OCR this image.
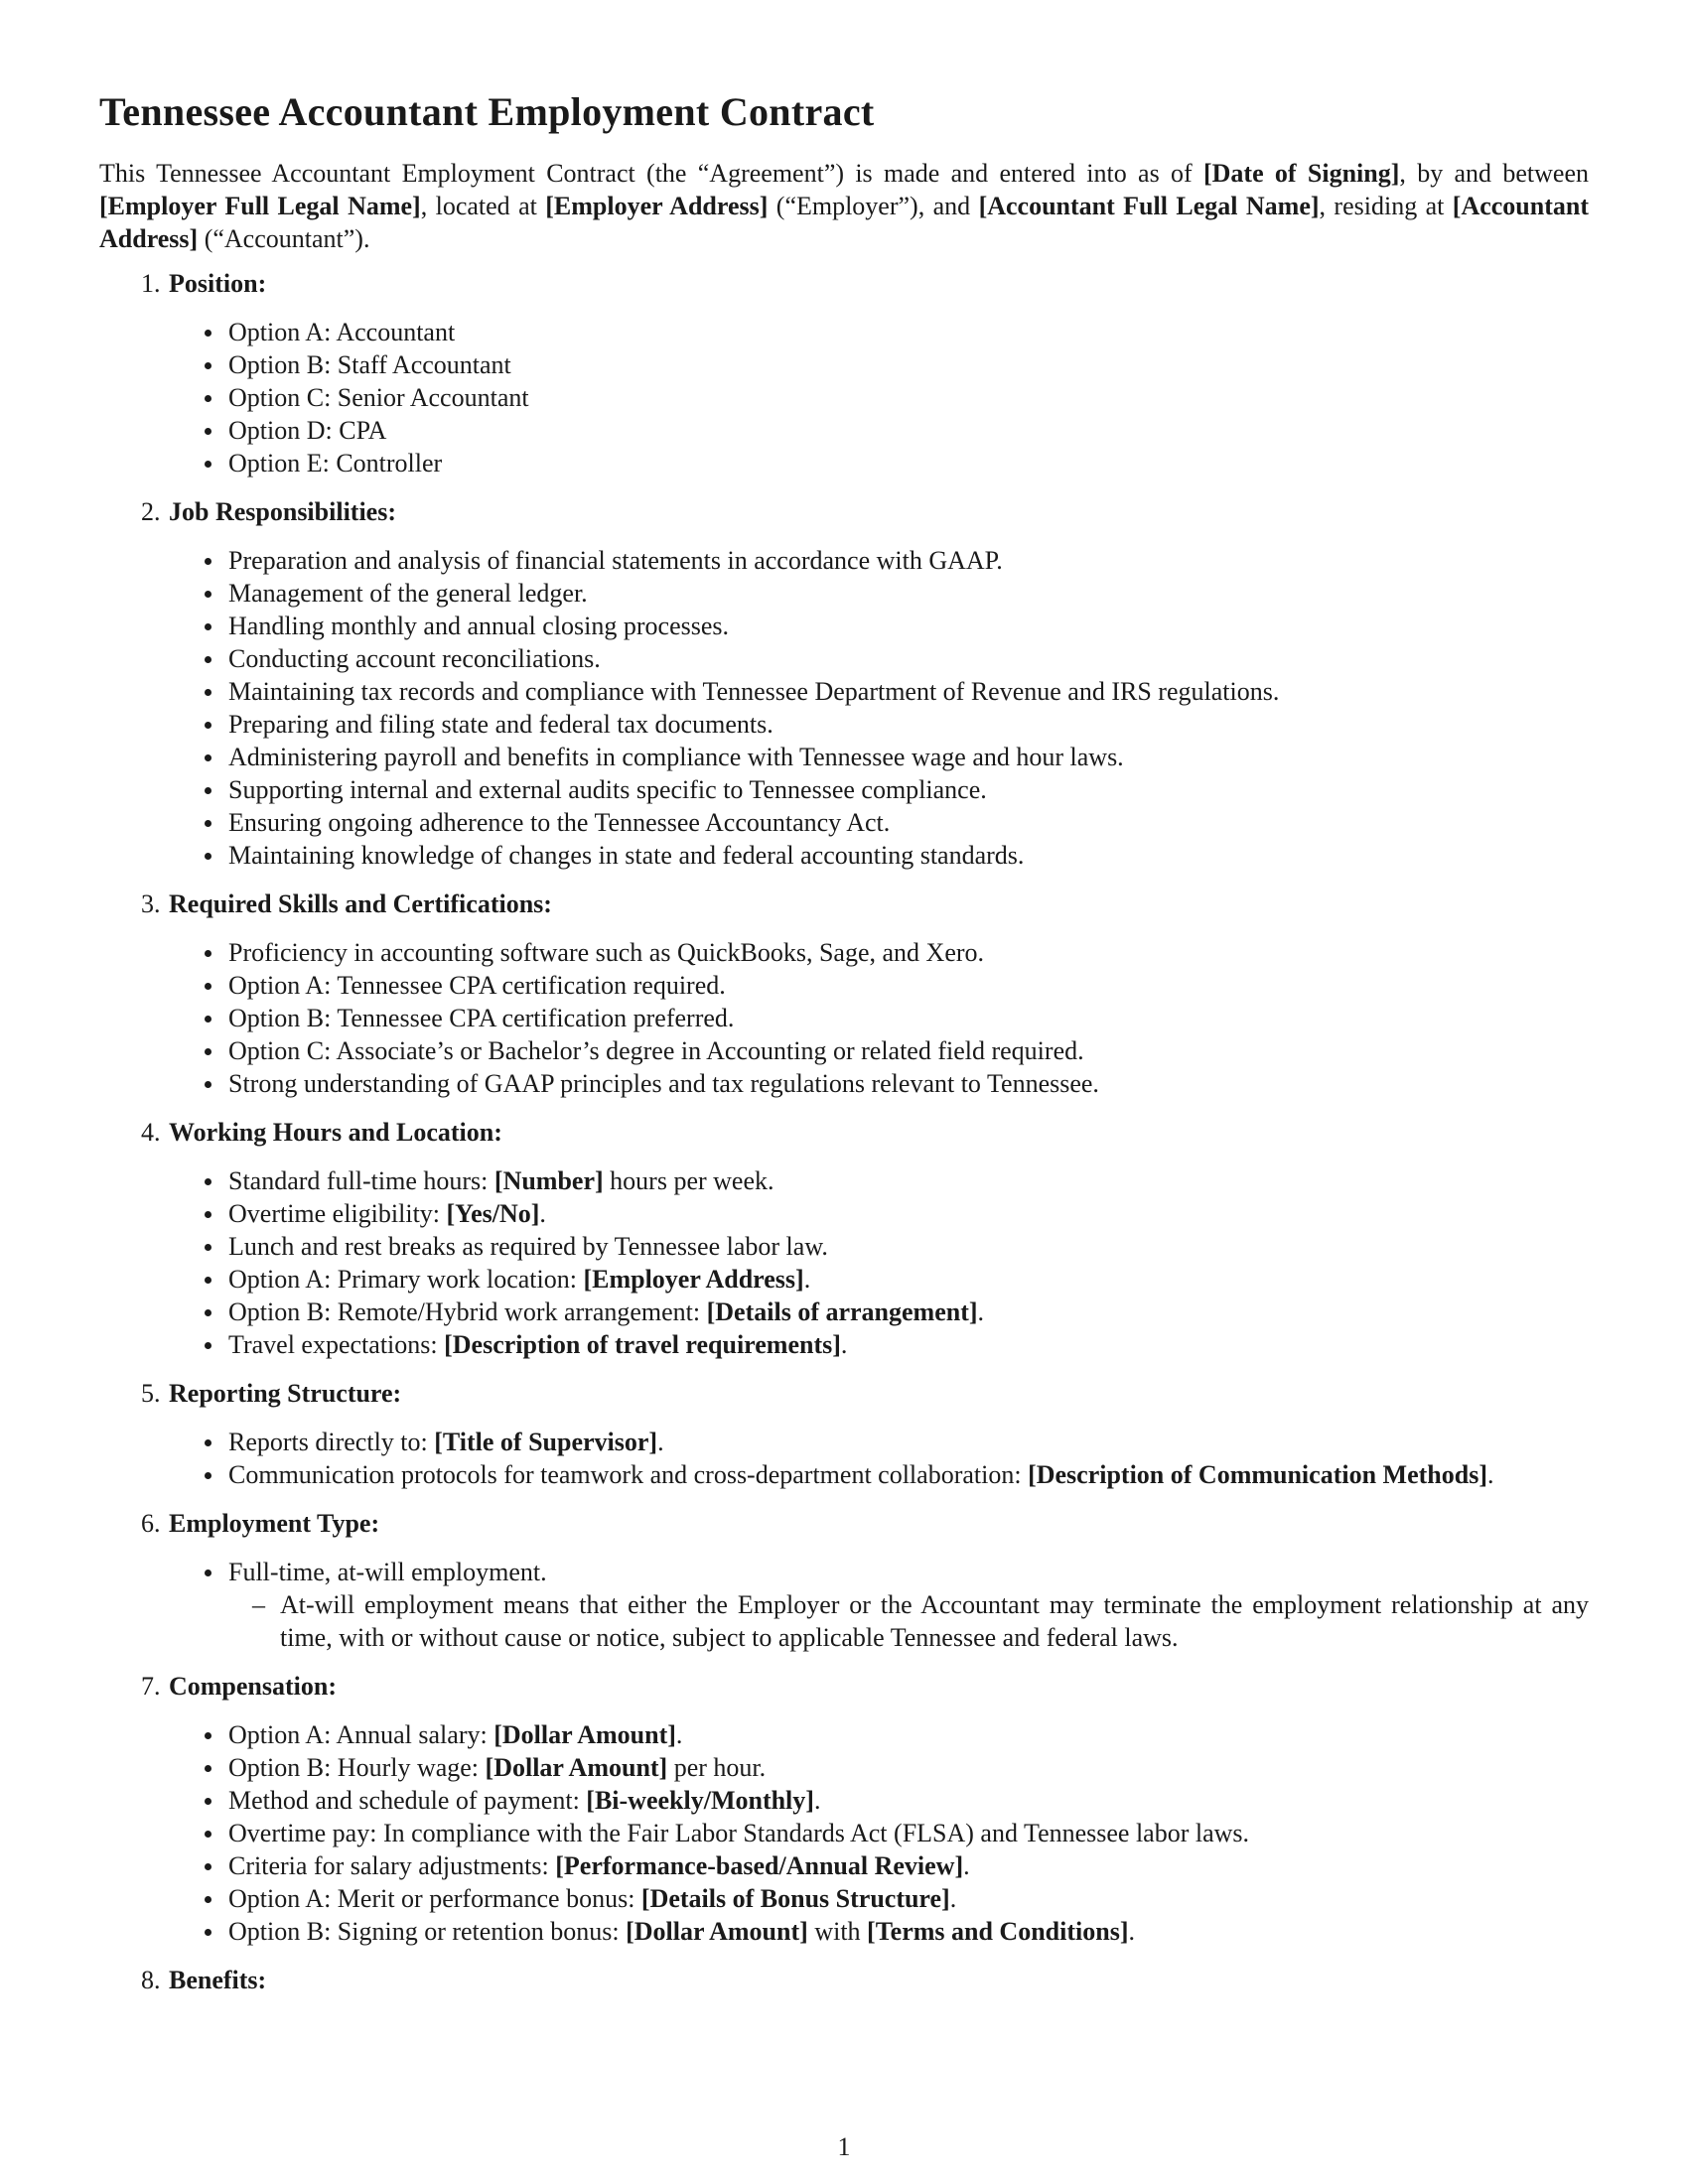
Tennessee Accountant Employment Contract

This Tennessee Accountant Employment Contract (the “Agreement”) is made and entered into as of [Date of Signing], by and between [Employer Full Legal Name], located at [Employer Address] (“Employer”), and [Accountant Full Legal Name], residing at [Accountant Address] (“Accountant”).

1. Position:
Option A: Accountant
Option B: Staff Accountant
Option C: Senior Accountant
Option D: CPA
Option E: Controller
2. Job Responsibilities:
Preparation and analysis of financial statements in accordance with GAAP.
Management of the general ledger.
Handling monthly and annual closing processes.
Conducting account reconciliations.
Maintaining tax records and compliance with Tennessee Department of Revenue and IRS regulations.
Preparing and filing state and federal tax documents.
Administering payroll and benefits in compliance with Tennessee wage and hour laws.
Supporting internal and external audits specific to Tennessee compliance.
Ensuring ongoing adherence to the Tennessee Accountancy Act.
Maintaining knowledge of changes in state and federal accounting standards.
3. Required Skills and Certifications:
Proficiency in accounting software such as QuickBooks, Sage, and Xero.
Option A: Tennessee CPA certification required.
Option B: Tennessee CPA certification preferred.
Option C: Associate’s or Bachelor’s degree in Accounting or related field required.
Strong understanding of GAAP principles and tax regulations relevant to Tennessee.
4. Working Hours and Location:
Standard full-time hours: [Number] hours per week.
Overtime eligibility: [Yes/No].
Lunch and rest breaks as required by Tennessee labor law.
Option A: Primary work location: [Employer Address].
Option B: Remote/Hybrid work arrangement: [Details of arrangement].
Travel expectations: [Description of travel requirements].
5. Reporting Structure:
Reports directly to: [Title of Supervisor].
Communication protocols for teamwork and cross-department collaboration: [Description of Communication Methods].
6. Employment Type:
Full-time, at-will employment.
– At-will employment means that either the Employer or the Accountant may terminate the employment relationship at any time, with or without cause or notice, subject to applicable Tennessee and federal laws.
7. Compensation:
Option A: Annual salary: [Dollar Amount].
Option B: Hourly wage: [Dollar Amount] per hour.
Method and schedule of payment: [Bi-weekly/Monthly].
Overtime pay: In compliance with the Fair Labor Standards Act (FLSA) and Tennessee labor laws.
Criteria for salary adjustments: [Performance-based/Annual Review].
Option A: Merit or performance bonus: [Details of Bonus Structure].
Option B: Signing or retention bonus: [Dollar Amount] with [Terms and Conditions].
8. Benefits:
1
